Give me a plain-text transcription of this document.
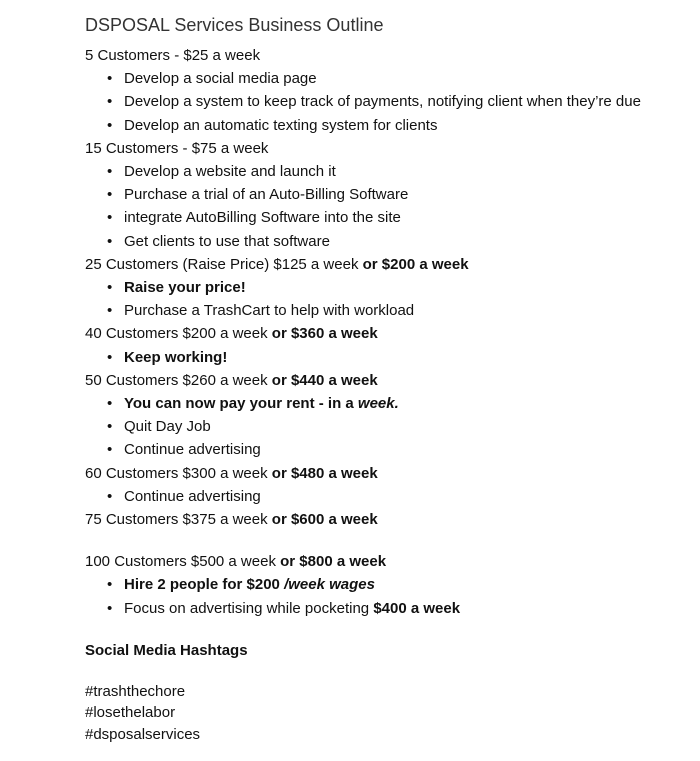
DSPOSAL Services Business Outline

5 Customers - $25 a week

• Develop a social media page
• Develop a system to keep track of payments, notifying client when they’re due
• Develop an automatic texting system for clients

15 Customers - $75 a week

• Develop a website and launch it
• Purchase a trial of an Auto-Billing Software
• integrate AutoBilling Software into the site
• Get clients to use that software

25 Customers (Raise Price) $125 a week or $200 a week

• Raise your price!
• Purchase a TrashCart to help with workload

40 Customers $200 a week or $360 a week

• Keep working!

50 Customers $260 a week or $440 a week

• You can now pay your rent - in a week.
• Quit Day Job
• Continue advertising

60 Customers $300 a week or $480 a week

• Continue advertising

75 Customers $375 a week or $600 a week

100 Customers $500 a week or $800 a week

• Hire 2 people for $200 /week wages
• Focus on advertising while pocketing $400 a week

Social Media Hashtags

#trashthechore

#losethelabor

#dsposalservices
